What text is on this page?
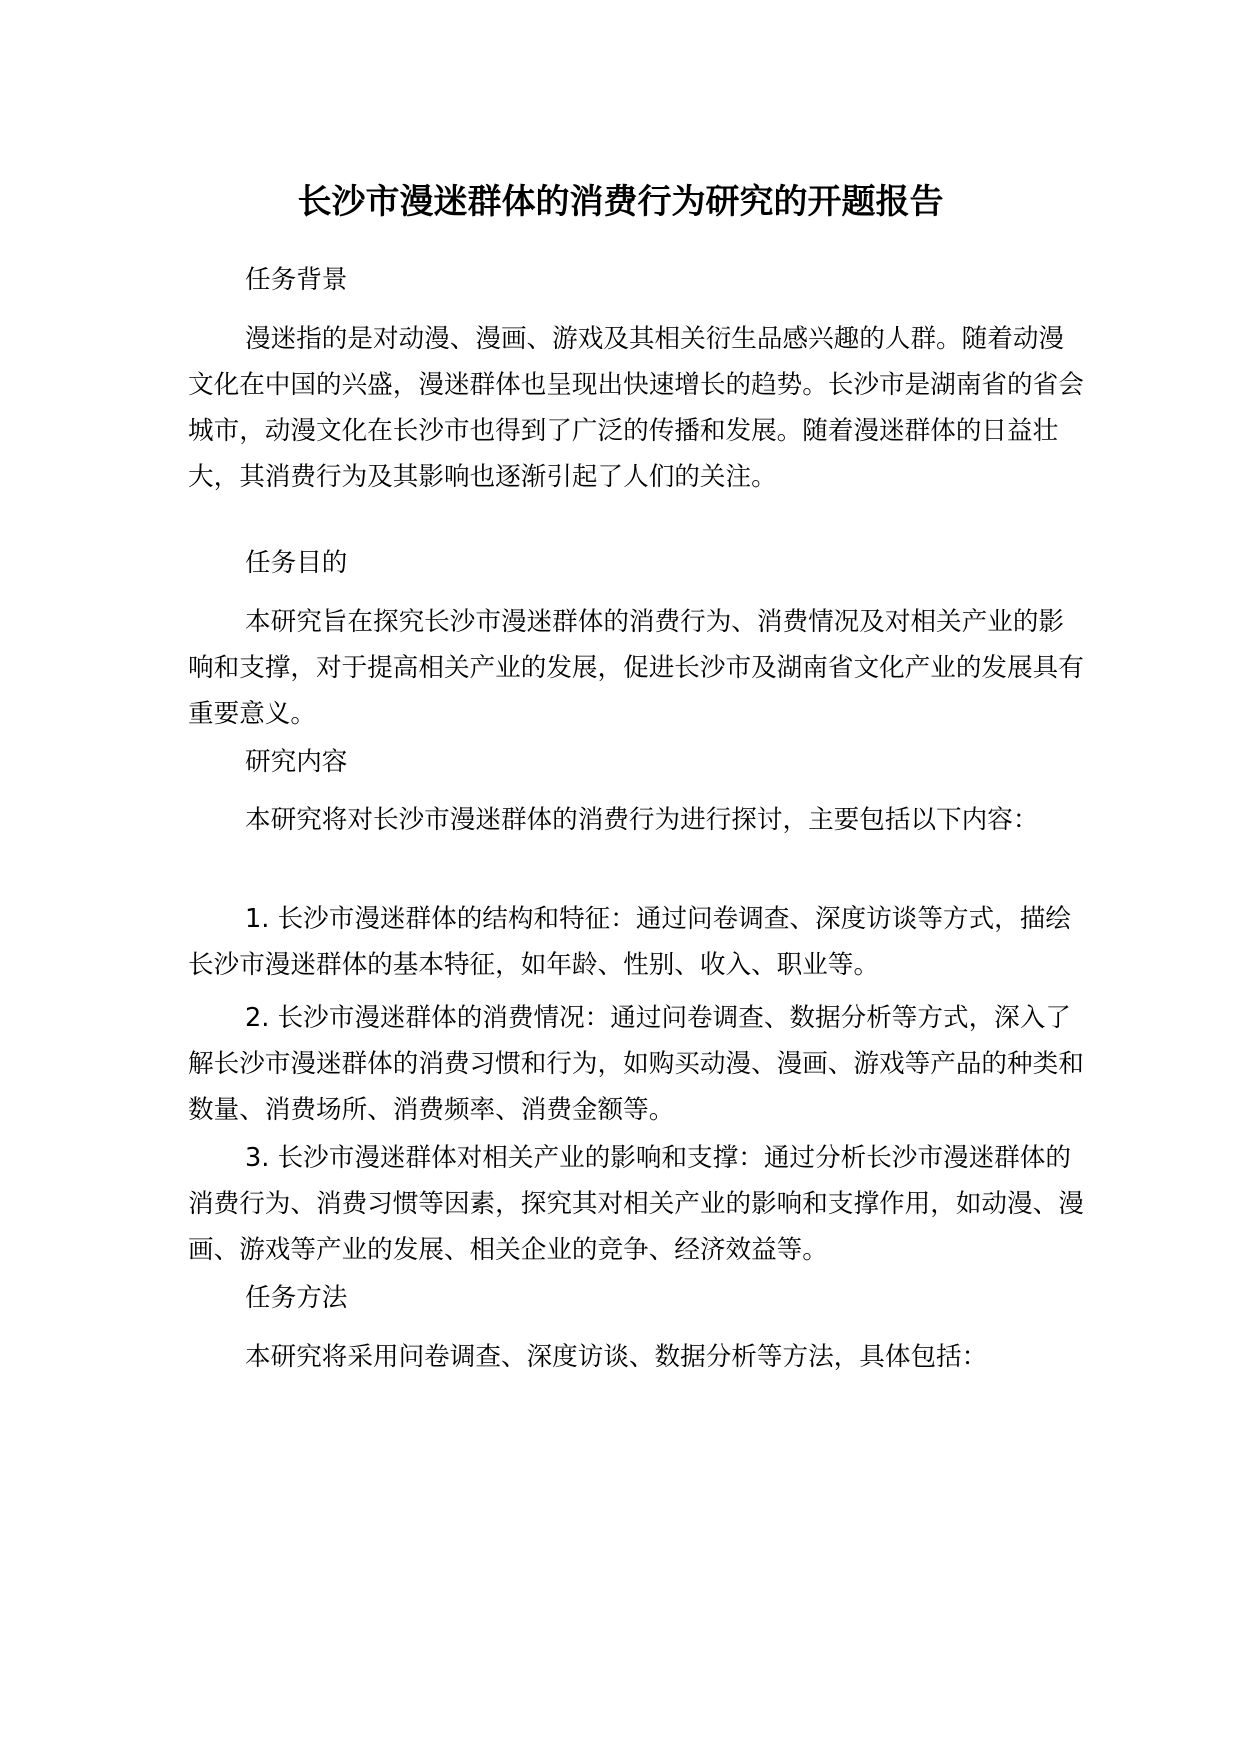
长沙市漫迷群体的消费行为研究的开题报告

任务背景

漫迷指的是对动漫、漫画、游戏及其相关衍生品感兴趣的人群。随着动漫文化在中国的兴盛，漫迷群体也呈现出快速增长的趋势。长沙市是湖南省的省会城市，动漫文化在长沙市也得到了广泛的传播和发展。随着漫迷群体的日益壮大，其消费行为及其影响也逐渐引起了人们的关注。

任务目的

本研究旨在探究长沙市漫迷群体的消费行为、消费情况及对相关产业的影响和支撑，对于提高相关产业的发展，促进长沙市及湖南省文化产业的发展具有重要意义。

研究内容

本研究将对长沙市漫迷群体的消费行为进行探讨，主要包括以下内容：

1. 长沙市漫迷群体的结构和特征：通过问卷调查、深度访谈等方式，描绘长沙市漫迷群体的基本特征，如年龄、性别、收入、职业等。

2. 长沙市漫迷群体的消费情况：通过问卷调查、数据分析等方式，深入了解长沙市漫迷群体的消费习惯和行为，如购买动漫、漫画、游戏等产品的种类和数量、消费场所、消费频率、消费金额等。

3. 长沙市漫迷群体对相关产业的影响和支撑：通过分析长沙市漫迷群体的消费行为、消费习惯等因素，探究其对相关产业的影响和支撑作用，如动漫、漫画、游戏等产业的发展、相关企业的竞争、经济效益等。

任务方法

本研究将采用问卷调查、深度访谈、数据分析等方法，具体包括：
